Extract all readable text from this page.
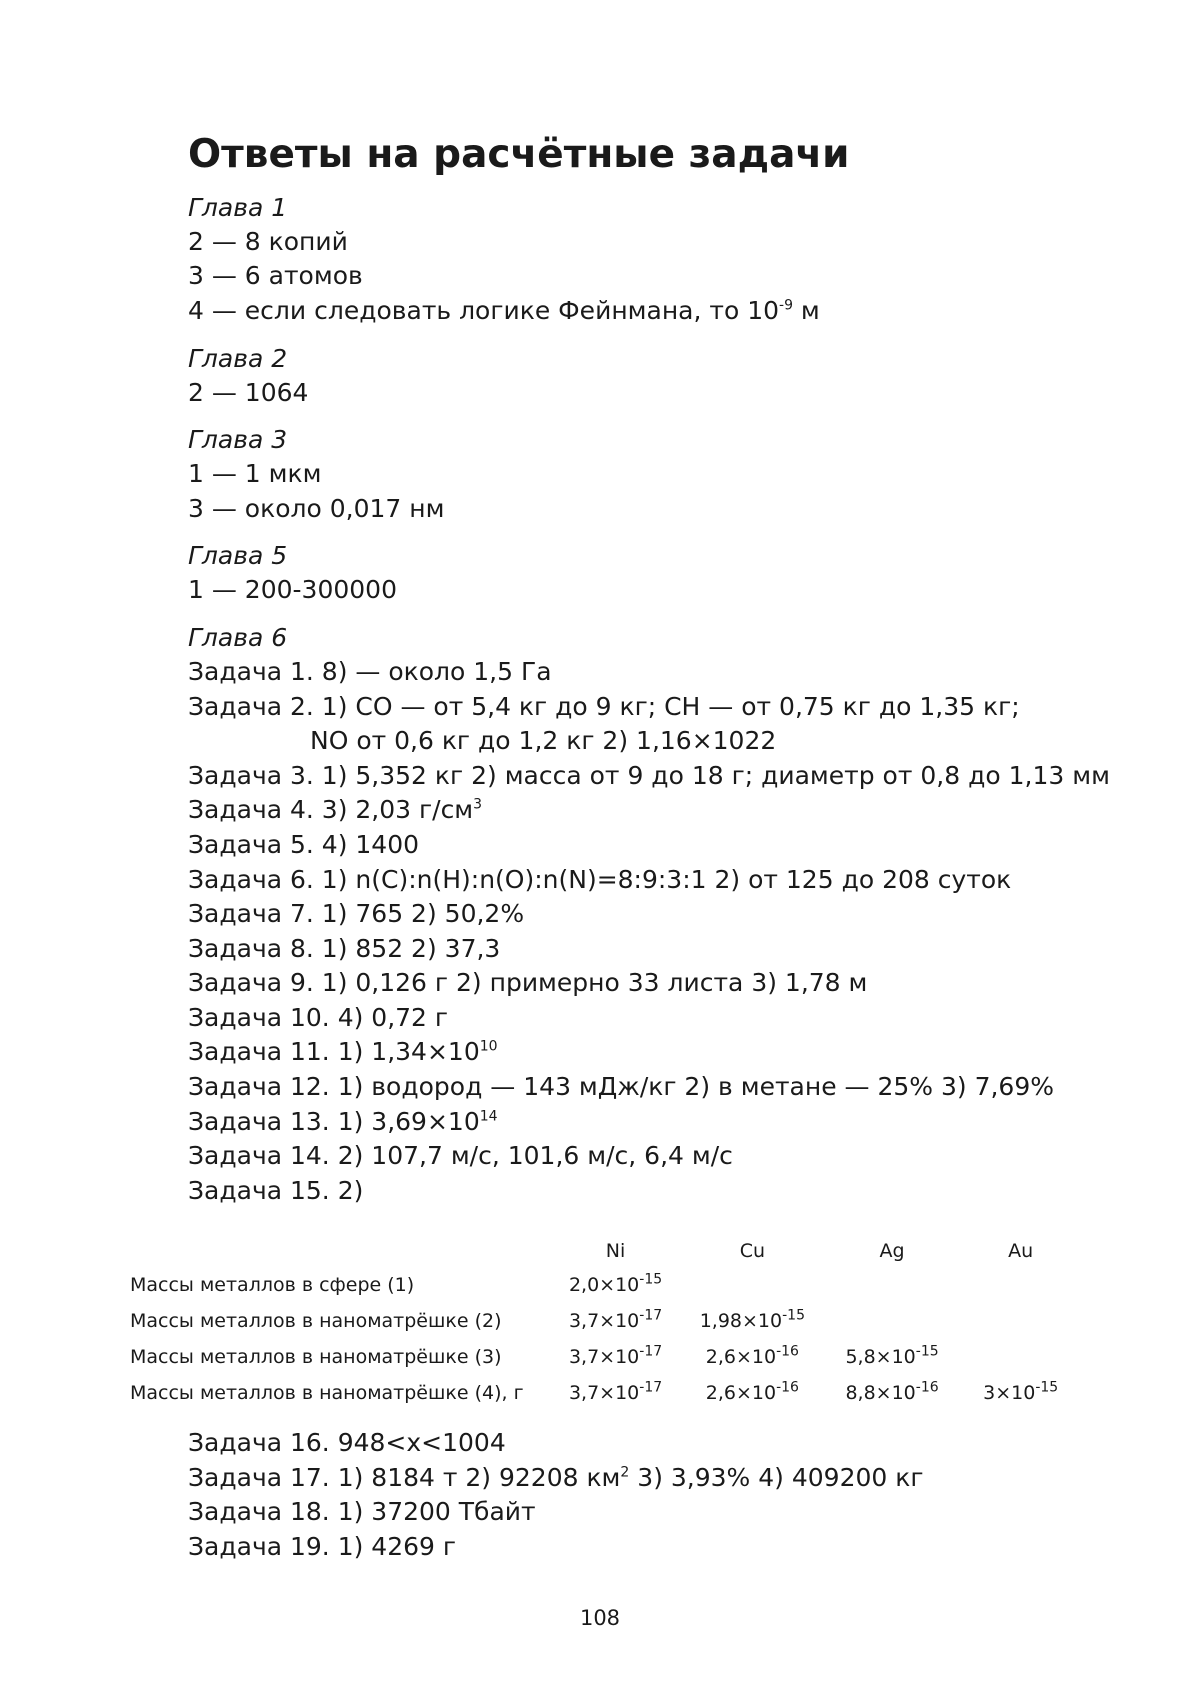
Ответы на расчётные задачи
Глава 1
2 — 8 копий
3 — 6 атомов
4 — если следовать логике Фейнмана, то $10^{-9}$ м
Глава 2
2 — 1064
Глава 3
1 — 1 мкм
3 — около 0,017 нм
Глава 5
1 — 200-300000
Глава 6
Задача 1. 8) — около 1,5 Га
Задача 2. 1) CO — от 5,4 кг до 9 кг; CH — от 0,75 кг до 1,35 кг;
NO от 0,6 кг до 1,2 кг 2) 1,16×1022
Задача 3. 1) 5,352 кг 2) масса от 9 до 18 г; диаметр от 0,8 до 1,13 мм
Задача 4. 3) 2,03 $г/см^3$
Задача 5. 4) 1400
Задача 6. 1) n(C):n(H):n(O):n(N)=8:9:3:1 2) от 125 до 208 суток
Задача 7. 1) 765 2) 50,2%
Задача 8. 1) 852 2) 37,3
Задача 9. 1) 0,126 г 2) примерно 33 листа 3) 1,78 м
Задача 10. 4) 0,72 г
Задача 11. 1) $1,34\times 10^{10}$
Задача 12. 1) водород — 143 мДж/кг 2) в метане — 25% 3) 7,69%
Задача 13. 1) $3,69\times 10^{14}$
Задача 14. 2) 107,7 м/с, 101,6 м/с, 6,4 м/с
Задача 15. 2)
	Ni	Cu	Ag	Au
Массы металлов в сфере (1)	$2,0\times 10^{-15}$			
Массы металлов в наноматрёшке (2)	$3,7\times 10^{-17}$	$1,98\times 10^{-15}$		
Массы металлов в наноматрёшке (3)	$3,7\times 10^{-17}$	$2,6\times 10^{-16}$	$5,8\times 10^{-15}$	
Массы металлов в наноматрёшке (4), г	$3,7\times 10^{-17}$	$2,6\times 10^{-16}$	$8,8\times 10^{-16}$	$3\times 10^{-15}$
Задача 16. 948<x<1004
Задача 17. 1) 8184 т 2) 92208 $км^2$ 3) 3,93% 4) 409200 кг
Задача 18. 1) 37200 Тбайт
Задача 19. 1) 4269 г
108
